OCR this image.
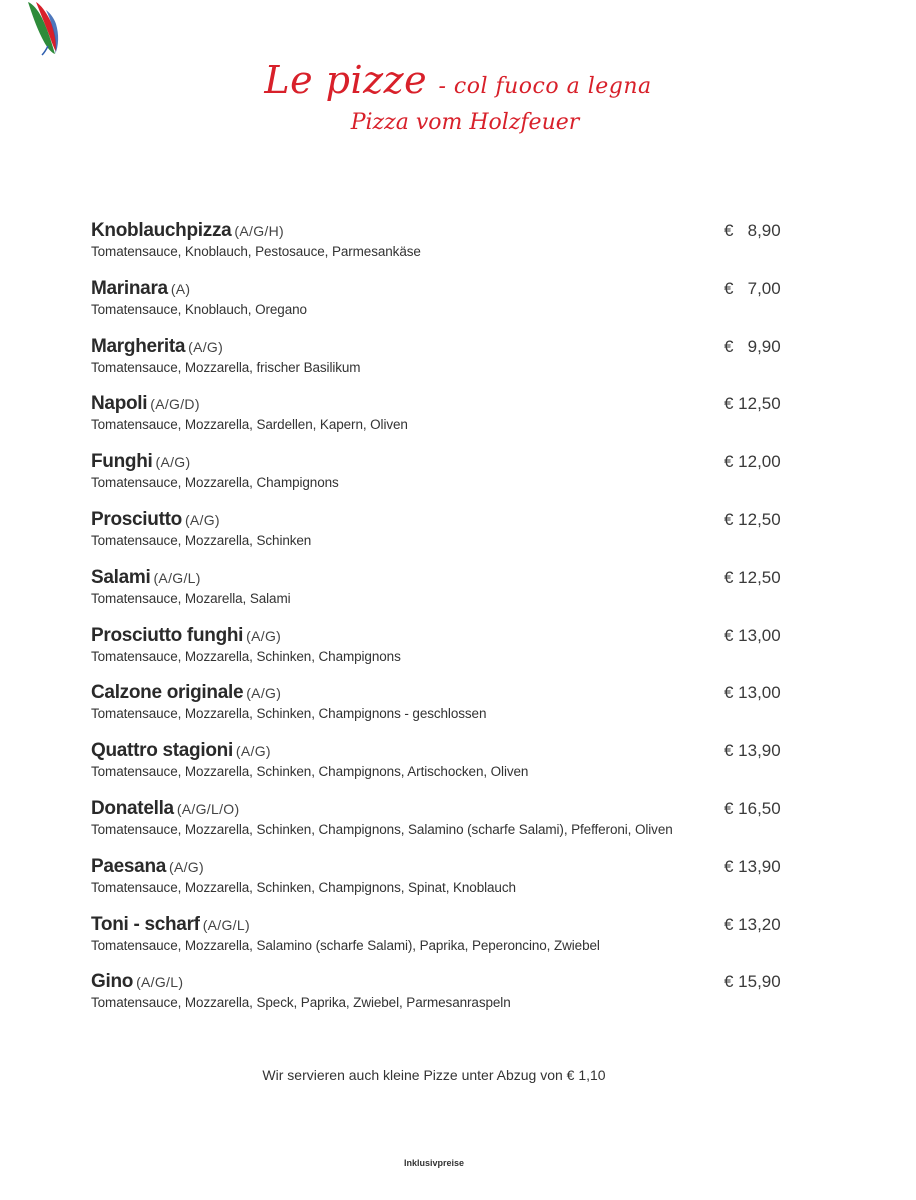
Le pizze - col fuoco a legna
Pizza vom Holzfeuer
Knoblauchpizza (A/G/H)
Tomatensauce, Knoblauch, Pestosauce, Parmesankäse
€   8,90
Marinara (A)
Tomatensauce, Knoblauch, Oregano
€   7,00
Margherita (A/G)
Tomatensauce, Mozzarella, frischer Basilikum
€   9,90
Napoli (A/G/D)
Tomatensauce, Mozzarella, Sardellen, Kapern, Oliven
€ 12,50
Funghi (A/G)
Tomatensauce, Mozzarella, Champignons
€ 12,00
Prosciutto (A/G)
Tomatensauce, Mozzarella, Schinken
€ 12,50
Salami (A/G/L)
Tomatensauce, Mozarella, Salami
€ 12,50
Prosciutto funghi (A/G)
Tomatensauce, Mozzarella, Schinken, Champignons
€ 13,00
Calzone originale (A/G)
Tomatensauce, Mozzarella, Schinken, Champignons - geschlossen
€ 13,00
Quattro stagioni (A/G)
Tomatensauce, Mozzarella, Schinken, Champignons, Artischocken, Oliven
€ 13,90
Donatella (A/G/L/O)
Tomatensauce, Mozzarella, Schinken, Champignons, Salamino (scharfe Salami), Pfefferoni, Oliven
€ 16,50
Paesana (A/G)
Tomatensauce, Mozzarella, Schinken, Champignons, Spinat, Knoblauch
€ 13,90
Toni - scharf (A/G/L)
Tomatensauce, Mozzarella, Salamino (scharfe Salami), Paprika, Peperoncino, Zwiebel
€ 13,20
Gino (A/G/L)
Tomatensauce, Mozzarella, Speck, Paprika, Zwiebel, Parmesanraspeln
€ 15,90
Wir servieren auch kleine Pizze unter Abzug von € 1,10
Inklusivpreise
